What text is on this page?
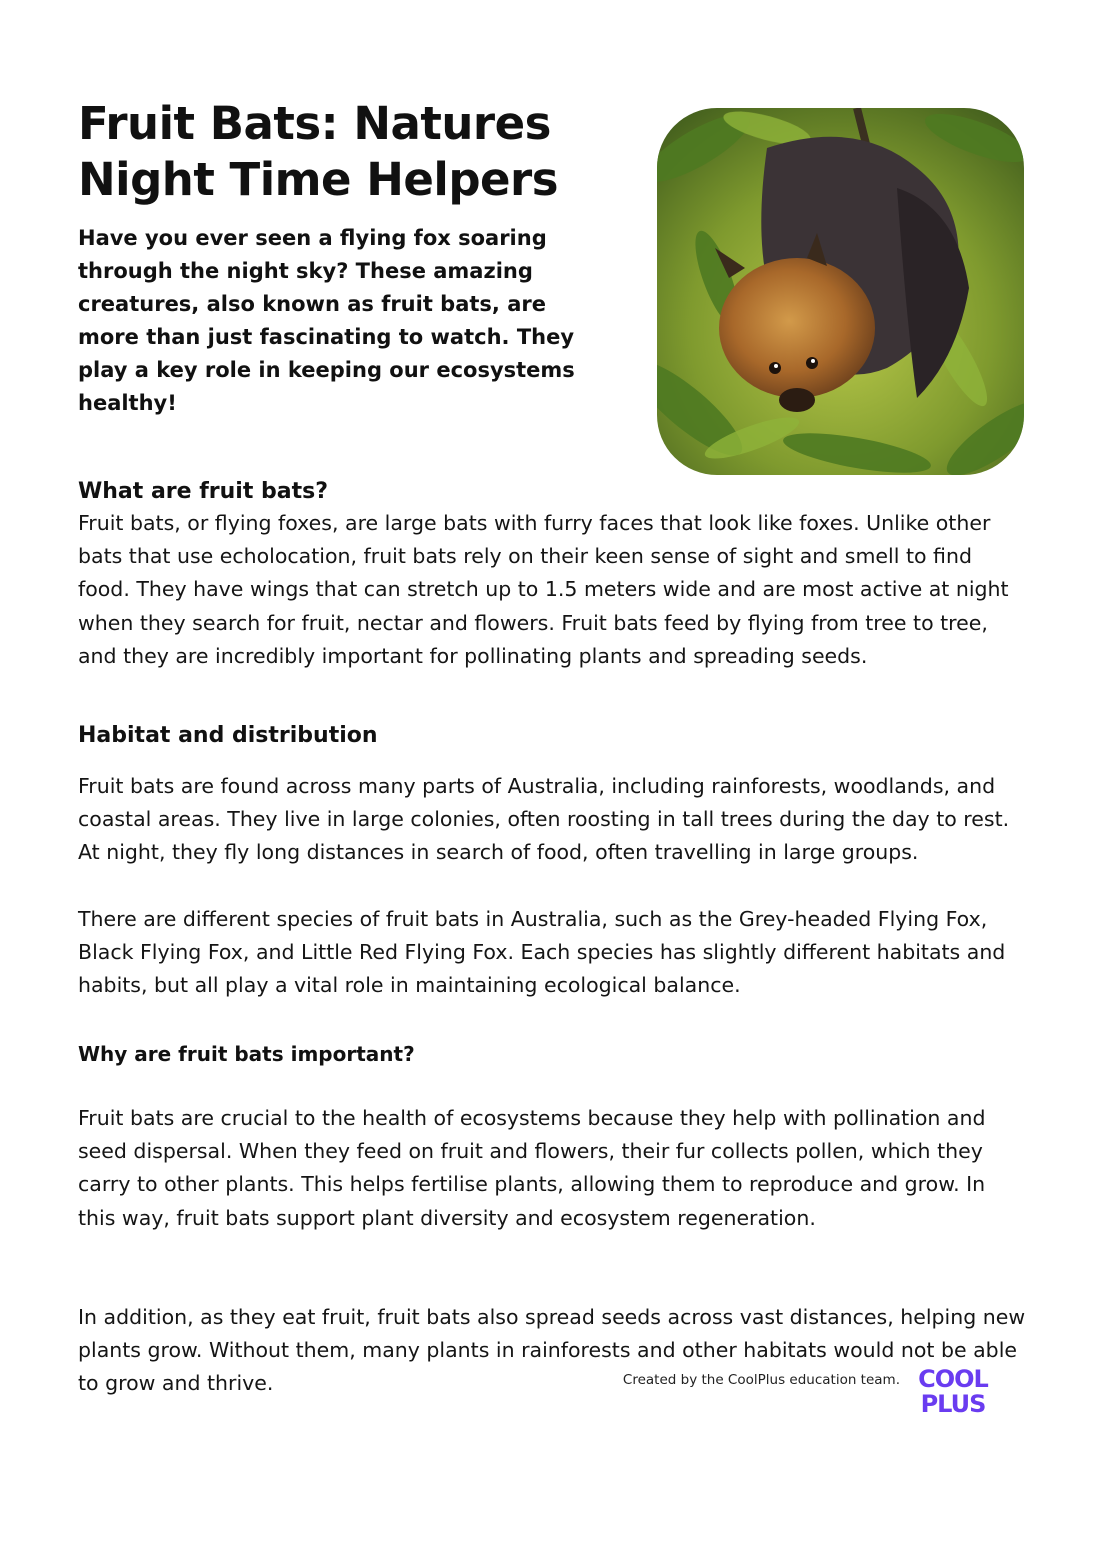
Fruit Bats: Natures Night Time Helpers

Have you ever seen a flying fox soaring through the night sky? These amazing creatures, also known as fruit bats, are more than just fascinating to watch. They play a key role in keeping our ecosystems healthy!

What are fruit bats?

Fruit bats, or flying foxes, are large bats with furry faces that look like foxes. Unlike other bats that use echolocation, fruit bats rely on their keen sense of sight and smell to find food. They have wings that can stretch up to 1.5 meters wide and are most active at night when they search for fruit, nectar and flowers. Fruit bats feed by flying from tree to tree, and they are incredibly important for pollinating plants and spreading seeds.

Habitat and distribution

Fruit bats are found across many parts of Australia, including rainforests, woodlands, and coastal areas. They live in large colonies, often roosting in tall trees during the day to rest. At night, they fly long distances in search of food, often travelling in large groups.

There are different species of fruit bats in Australia, such as the Grey-headed Flying Fox, Black Flying Fox, and Little Red Flying Fox. Each species has slightly different habitats and habits, but all play a vital role in maintaining ecological balance.

Why are fruit bats important?

Fruit bats are crucial to the health of ecosystems because they help with pollination and seed dispersal. When they feed on fruit and flowers, their fur collects pollen, which they carry to other plants. This helps fertilise plants, allowing them to reproduce and grow. In this way, fruit bats support plant diversity and ecosystem regeneration.

In addition, as they eat fruit, fruit bats also spread seeds across vast distances, helping new plants grow. Without them, many plants in rainforests and other habitats would not be able to grow and thrive.	Created by the CoolPlus education team. COOL
PLUS
